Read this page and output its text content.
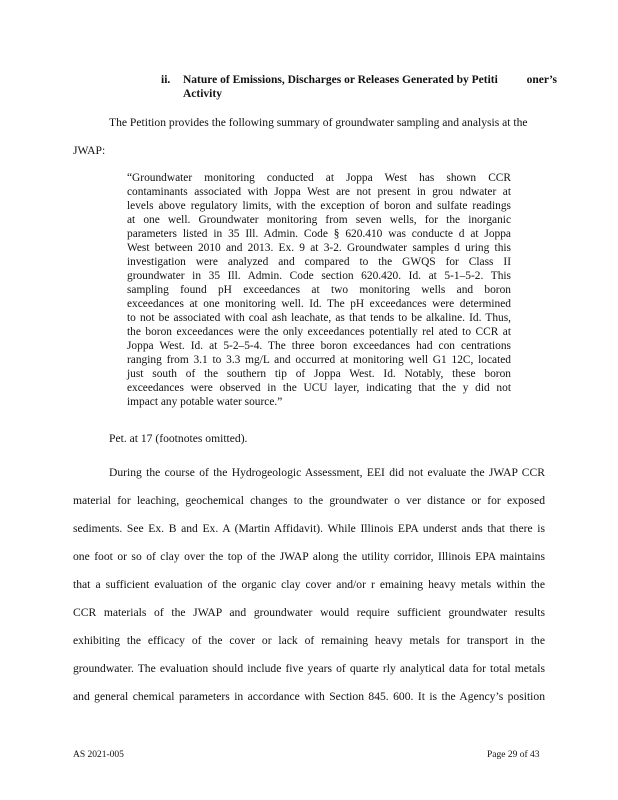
ii. Nature of Emissions, Discharges or Releases Generated by Petiti          oner’s
Activity
The Petition provides the following summary of groundwater sampling and analysis at the
JWAP:
“Groundwater monitoring conducted at Joppa West has shown CCR
contaminants associated with Joppa West are not present in grou ndwater at
levels above regulatory limits, with the exception of boron and sulfate readings
at one well. Groundwater monitoring from seven wells, for the inorganic
parameters listed in 35 Ill. Admin. Code § 620.410 was conducte d at Joppa
West between 2010 and 2013. Ex. 9 at 3-2. Groundwater samples d uring this
investigation were analyzed and compared to the GWQS for Class II
groundwater in 35 Ill. Admin. Code section 620.420. Id. at 5-1–5-2. This
sampling found pH exceedances at two monitoring wells and boron
exceedances at one monitoring well. Id. The pH exceedances were determined
to not be associated with coal ash leachate, as that tends to be alkaline. Id. Thus,
the boron exceedances were the only exceedances potentially rel ated to CCR at
Joppa West. Id. at 5-2–5-4. The three boron exceedances had con centrations
ranging from 3.1 to 3.3 mg/L and occurred at monitoring well G1 12C, located
just south of the southern tip of Joppa West. Id. Notably, these boron
exceedances were observed in the UCU layer, indicating that the y did not
impact any potable water source.”
Pet. at 17 (footnotes omitted).
During the course of the Hydrogeologic Assessment, EEI did not evaluate the JWAP CCR
material for leaching, geochemical changes to the groundwater o ver distance or for exposed
sediments. See Ex. B and Ex. A (Martin Affidavit). While Illinois EPA underst ands that there is
one foot or so of clay over the top of the JWAP along the utility corridor, Illinois EPA maintains
that a sufficient evaluation of the organic clay cover and/or r emaining heavy metals within the
CCR materials of the JWAP and groundwater would require sufficient groundwater results
exhibiting the efficacy of the cover or lack of remaining heavy metals for transport in the
groundwater. The evaluation should include five years of quarte rly analytical data for total metals
and general chemical parameters in accordance with Section 845. 600. It is the Agency’s position
AS 2021-005	Page 29 of 43
